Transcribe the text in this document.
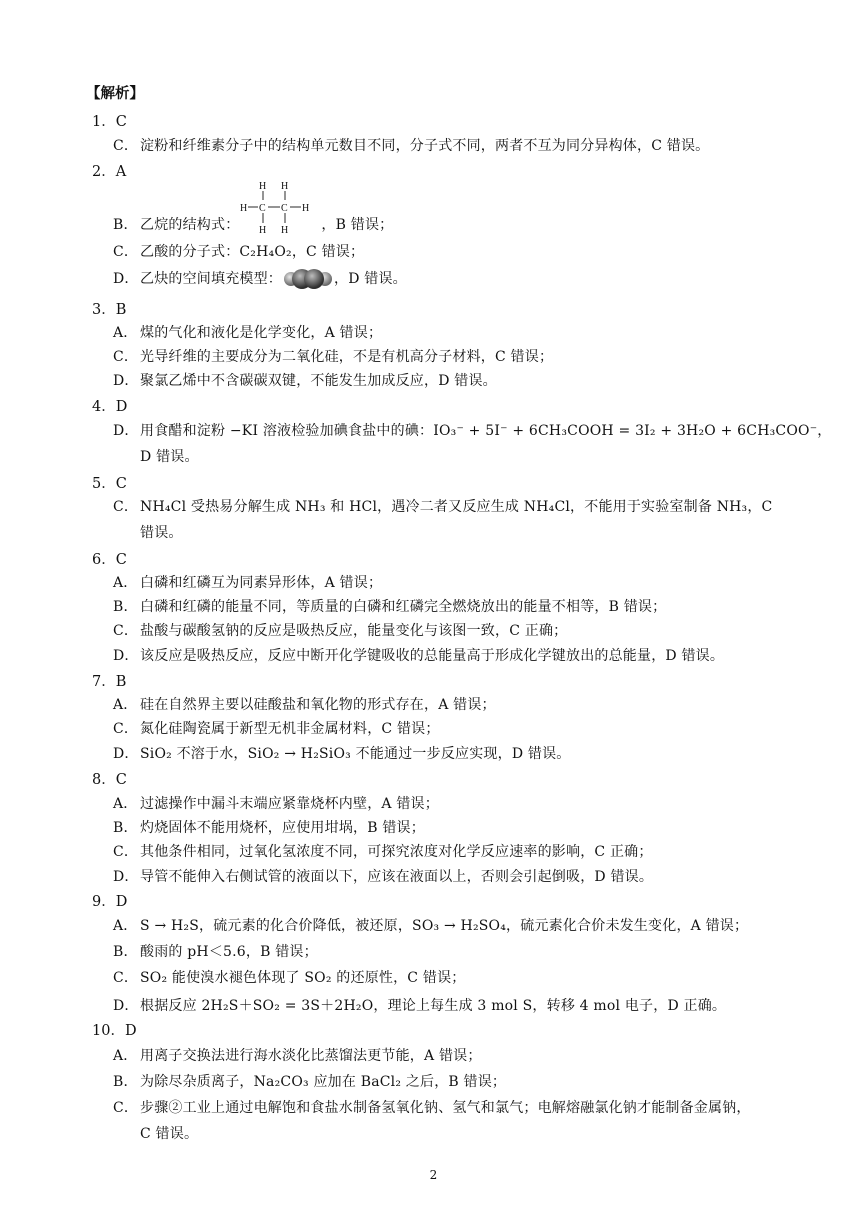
【解析】
1．C
C． 淀粉和纤维素分子中的结构单元数目不同，分子式不同，两者不互为同分异构体，C 错误。
2．A
B． 乙烷的结构式：
H H
H C C H
H H ，B 错误；
C． 乙酸的分子式：C₂H₄O₂，C 错误；
D．乙炔的空间填充模型：	，D 错误。
3．B
A． 煤的气化和液化是化学变化，A 错误；
C． 光导纤维的主要成分为二氧化硅，不是有机高分子材料，C 错误；
D．聚氯乙烯中不含碳碳双键，不能发生加成反应，D 错误。
4．D
D．用食醋和淀粉 −KI 溶液检验加碘食盐中的碘：IO₃⁻ + 5I⁻ + 6CH₃COOH = 3I₂ + 3H₂O + 6CH₃COO⁻，
D 错误。
5．C
C． NH₄Cl 受热易分解生成 NH₃ 和 HCl，遇冷二者又反应生成 NH₄Cl，不能用于实验室制备 NH₃，C
错误。
6．C
A． 白磷和红磷互为同素异形体，A 错误；
B． 白磷和红磷的能量不同，等质量的白磷和红磷完全燃烧放出的能量不相等，B 错误；
C． 盐酸与碳酸氢钠的反应是吸热反应，能量变化与该图一致，C 正确；
D．该反应是吸热反应，反应中断开化学键吸收的总能量高于形成化学键放出的总能量，D 错误。
7．B
A． 硅在自然界主要以硅酸盐和氧化物的形式存在，A 错误；
C． 氮化硅陶瓷属于新型无机非金属材料，C 错误；
D．SiO₂ 不溶于水，SiO₂ → H₂SiO₃ 不能通过一步反应实现，D 错误。
8．C
A． 过滤操作中漏斗末端应紧靠烧杯内壁，A 错误；
B． 灼烧固体不能用烧杯，应使用坩埚，B 错误；
C． 其他条件相同，过氧化氢浓度不同，可探究浓度对化学反应速率的影响，C 正确；
D．导管不能伸入右侧试管的液面以下，应该在液面以上，否则会引起倒吸，D 错误。
9．D
A． S → H₂S，硫元素的化合价降低，被还原，SO₃ → H₂SO₄，硫元素化合价未发生变化，A 错误；
B． 酸雨的 pH＜5.6，B 错误；
C． SO₂ 能使溴水褪色体现了 SO₂ 的还原性，C 错误；
D．根据反应 2H₂S＋SO₂ = 3S＋2H₂O，理论上每生成 3 mol S，转移 4 mol 电子，D 正确。
10．D
A． 用离子交换法进行海水淡化比蒸馏法更节能，A 错误；
B． 为除尽杂质离子，Na₂CO₃ 应加在 BaCl₂ 之后，B 错误；
C． 步骤②工业上通过电解饱和食盐水制备氢氧化钠、氢气和氯气；电解熔融氯化钠才能制备金属钠，
C 错误。
2
